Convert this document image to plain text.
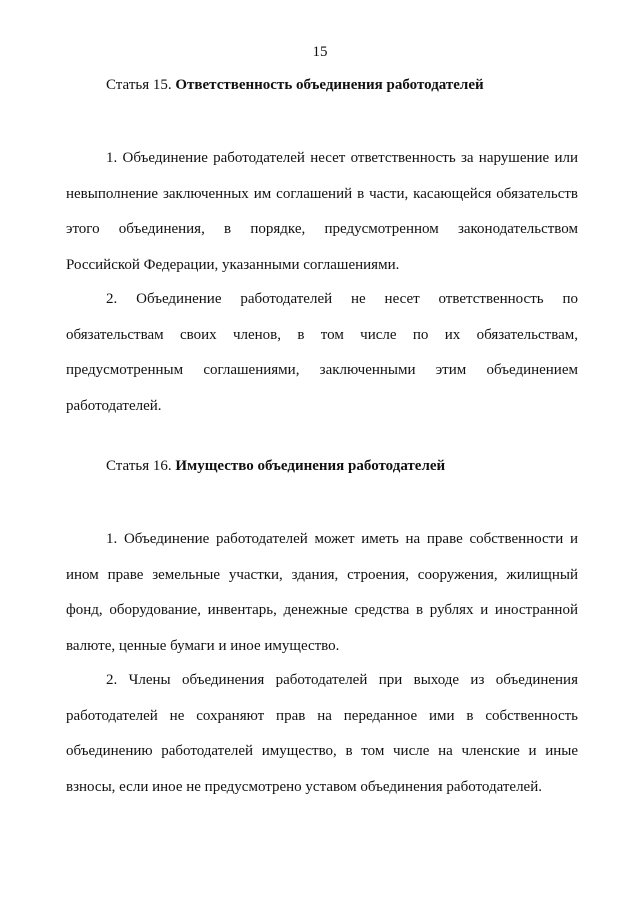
15
Статья 15. Ответственность объединения работодателей

1. Объединение работодателей несет ответственность за нарушение или невыполнение заключенных им соглашений в части, касающейся обязательств этого объединения, в порядке, предусмотренном законодательством Российской Федерации, указанными соглашениями.

2. Объединение работодателей не несет ответственность по обязательствам своих членов, в том числе по их обязательствам, предусмотренным соглашениями, заключенными этим объединением работодателей.

Статья 16. Имущество объединения работодателей

1. Объединение работодателей может иметь на праве собственности и ином праве земельные участки, здания, строения, сооружения, жилищный фонд, оборудование, инвентарь, денежные средства в рублях и иностранной валюте, ценные бумаги и иное имущество.

2. Члены объединения работодателей при выходе из объединения работодателей не сохраняют прав на переданное ими в собственность объединению работодателей имущество, в том числе на членские и иные взносы, если иное не предусмотрено уставом объединения работодателей.
